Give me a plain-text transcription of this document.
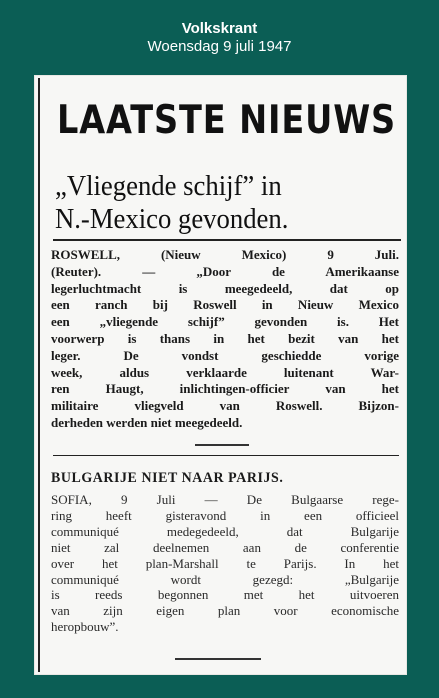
Volkskrant
Woensdag 9 juli 1947
LAATSTE NIEUWS
„Vliegende schijf” in
N.-Mexico gevonden.
ROSWELL, (Nieuw Mexico) 9 Juli.
(Reuter). — „Door de Amerikaanse
legerluchtmacht is meegedeeld, dat op
een ranch bij Roswell in Nieuw Mexico
een „vliegende schijf” gevonden is. Het
voorwerp is thans in het bezit van het
leger. De vondst geschiedde vorige
week, aldus verklaarde luitenant War-
ren Haugt, inlichtingen-officier van het
militaire vliegveld van Roswell. Bijzon-
derheden werden niet meegedeeld.
BULGARIJE NIET NAAR PARIJS.
SOFIA, 9 Juli — De Bulgaarse rege-
ring heeft gisteravond in een officieel
communiqué medegedeeld, dat Bulgarije
niet zal deelnemen aan de conferentie
over het plan-Marshall te Parijs. In het
communiqué wordt gezegd: „Bulgarije
is reeds begonnen met het uitvoeren
van zijn eigen plan voor economische
heropbouw”.
